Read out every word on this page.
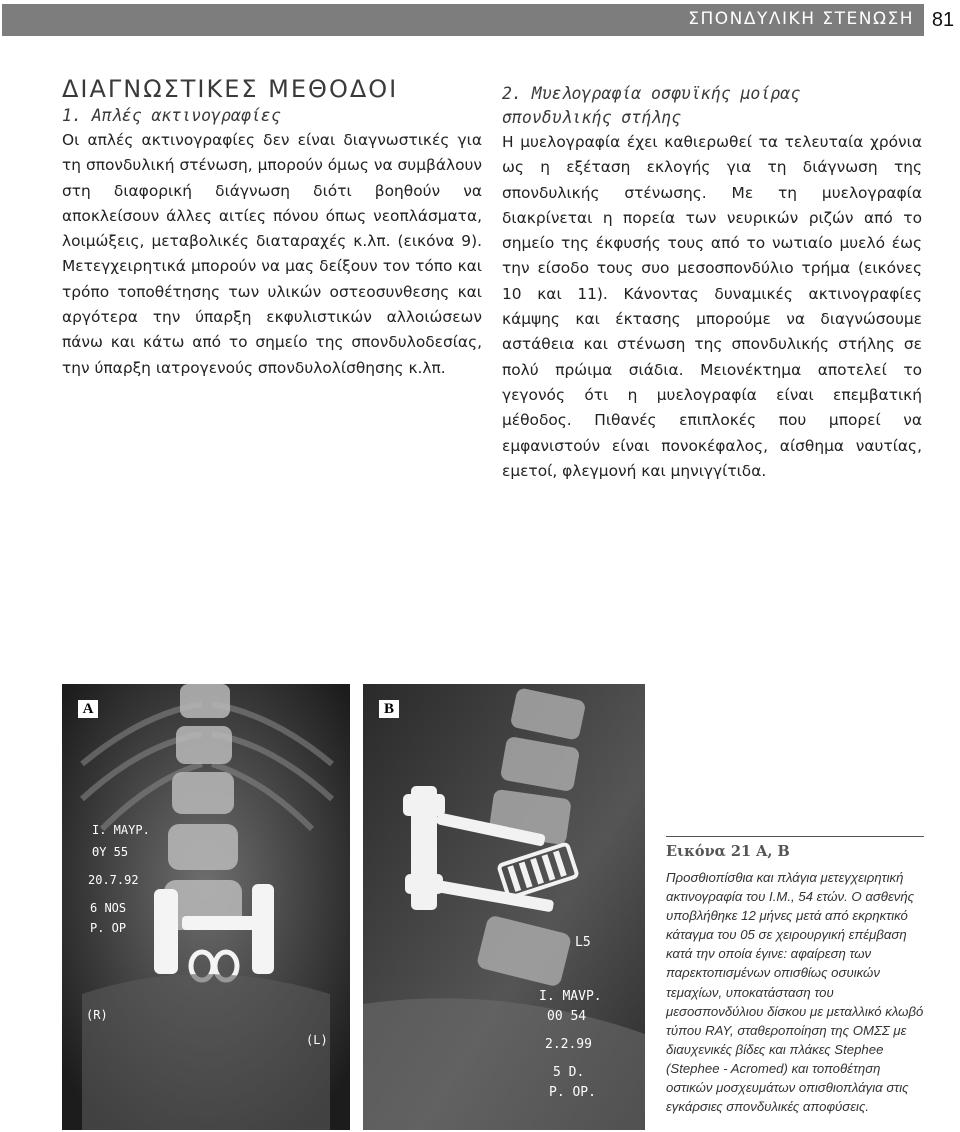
ΣΠΟΝΔΥΛΙΚΗ ΣΤΕΝΩΣΗ 81
ΔΙΑΓΝΩΣΤΙΚΕΣ ΜΕΘΟΔΟΙ
1. Απλές ακτινογραφίες

Οι απλές ακτινογραφίες δεν είναι διαγνωστικές για τη σπονδυλική στένωση, μπορούν όμως να συμβάλουν στη διαφορική διάγνωση διότι βοηθούν να αποκλείσουν άλλες αιτίες πόνου όπως νεοπλάσματα, λοιμώξεις, μεταβολικές διαταραχές κ.λπ. (εικόνα 9). Μετεγχειρητικά μπορούν να μας δείξουν τον τόπο και τρόπο τοποθέτησης των υλικών οστεοσυνθεσης και αργότερα την ύπαρξη εκφυλιστικών αλλοιώσεων πάνω και κάτω από το σημείο της σπονδυλοδεσίας, την ύπαρξη ιατρογενούς σπονδυλολίσθησης κ.λπ.

2. Μυελογραφία οσφυϊκής μοίρας
σπονδυλικής στήλης

Η μυελογραφία έχει καθιερωθεί τα τελευταία χρόνια ως η εξέταση εκλογής για τη διάγνωση της σπονδυλικής στένωσης. Με τη μυελογραφία διακρίνεται η πορεία των νευρικών ριζών από το σημείο της έκφυσής τους από το νωτιαίο μυελό έως την είσοδο τους συο μεσοσπονδύλιο τρήμα (εικόνες 10 και 11). Κάνοντας δυναμικές ακτινογραφίες κάμψης και έκτασης μπορούμε να διαγνώσουμε αστάθεια και στένωση της σπονδυλικής στήλης σε πολύ πρώιμα σιάδια. Μειονέκτημα αποτελεί το γεγονός ότι η μυελογραφία είναι επεμβατική μέθοδος. Πιθανές επιπλοκές που μπορεί να εμφανιστούν είναι πονοκέφαλος, αίσθημα ναυτίας, εμετοί, φλεγμονή και μηνιγγίτιδα.

I. MAYP.
ΘΥ 55
20.7.92
6 NOS
P. OP
(R)
(L)
A
L5
I. MAVP.
00 54
2.2.99
5 D.
P. OP.
B

Εικόνα 21 Α, Β

Προσθιοπίσθια και πλάγια μετεγχειρητική ακτινογραφία του Ι.Μ., 54 ετών. Ο ασθενής υποβλήθηκε 12 μήνες μετά από εκρηκτικό κάταγμα του 05 σε χειρουργική επέμβαση κατά την οποία έγινε: αφαίρεση των παρεκτοπισμένων οπισθίως οσυικών τεμαχίων, υποκατάσταση του μεσοσπονδύλιου δίσκου με μεταλλικό κλωβό τύπου RAY, σταθεροποίηση της ΟΜΣΣ με διαυχενικές βίδες και πλάκες Stephee (Stephee - Acromed) και τοποθέτηση οστικών μοσχευμάτων οπισθιοπλάγια στις εγκάρσιες σπονδυλικές αποφύσεις.
